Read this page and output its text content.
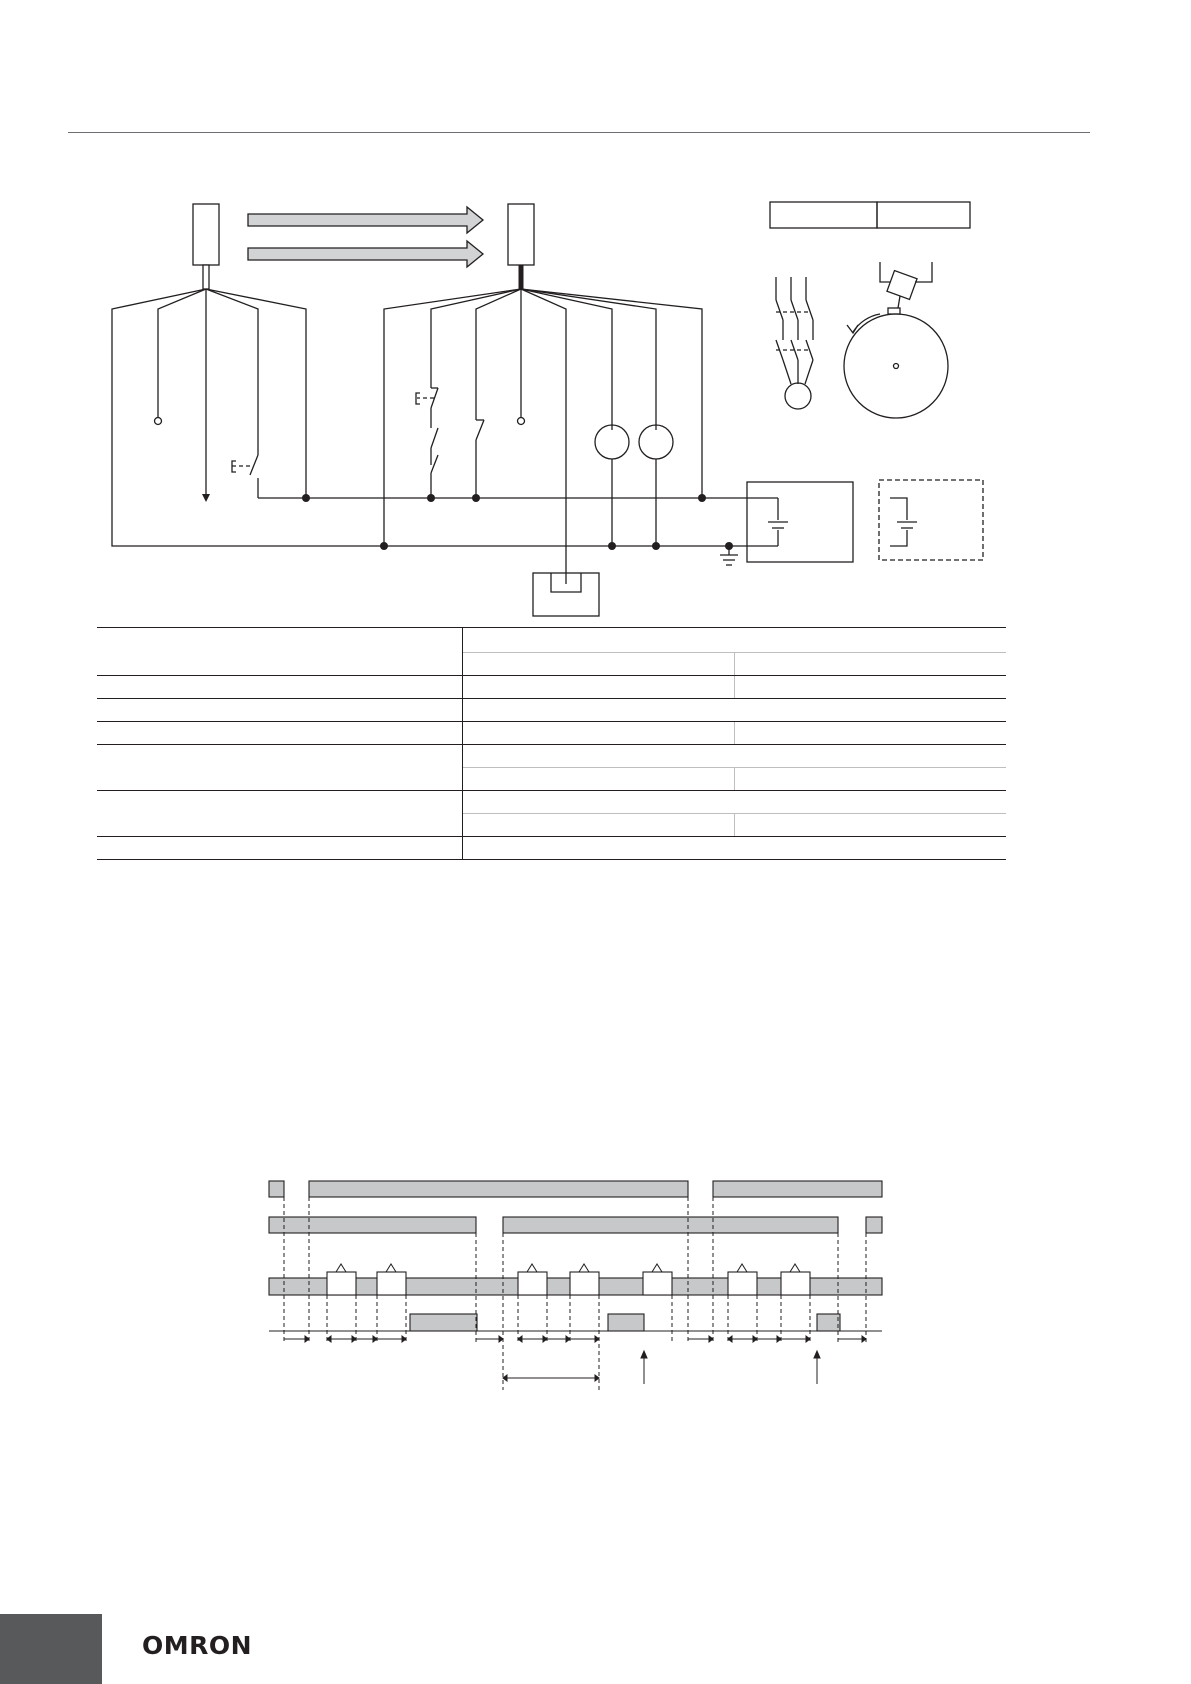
OMRON
